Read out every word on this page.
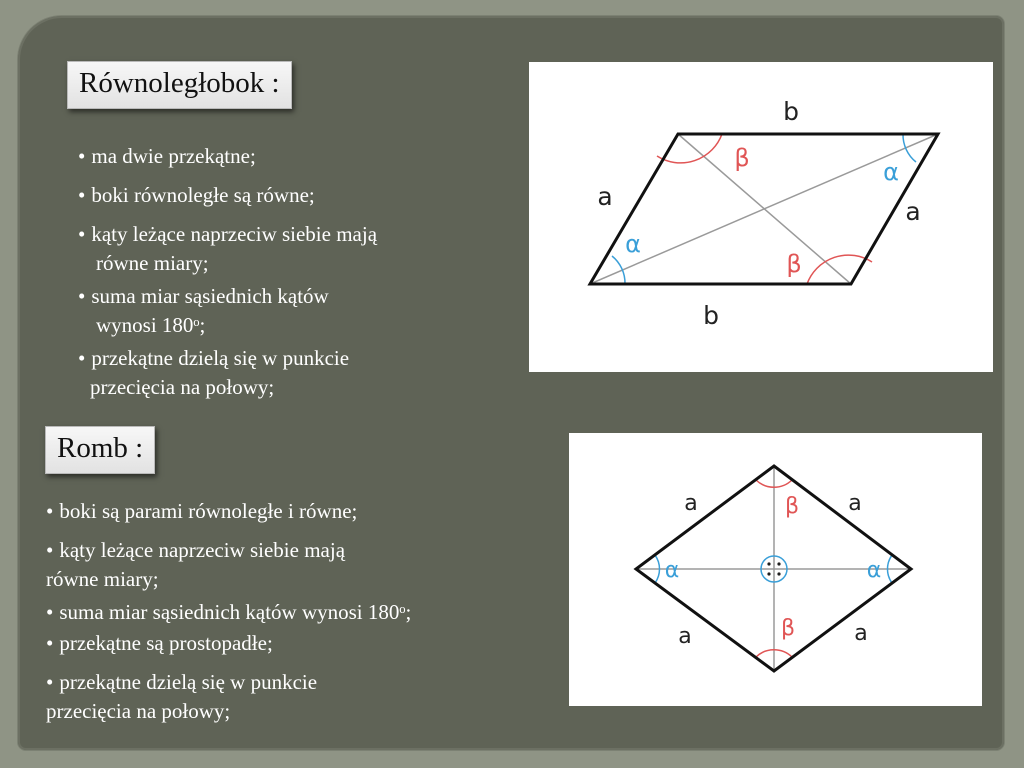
Równoległobok :
• ma dwie przekątne;
• boki równoległe są równe;
• kąty leżące naprzeciw siebie mają
równe miary;
• suma miar sąsiednich kątów
wynosi 180ᵒ;
• przekątne dzielą się w punkcie
przecięcia na połowy;
b
b
a
a
α
α
β
β
Romb :
• boki są parami równoległe i równe;
• kąty leżące naprzeciw siebie mają
równe miary;
• suma miar sąsiednich kątów wynosi 180ᵒ;
• przekątne są prostopadłe;
• przekątne dzielą się w punkcie
przecięcia na połowy;
a	a
a	a
α	α
β
β
